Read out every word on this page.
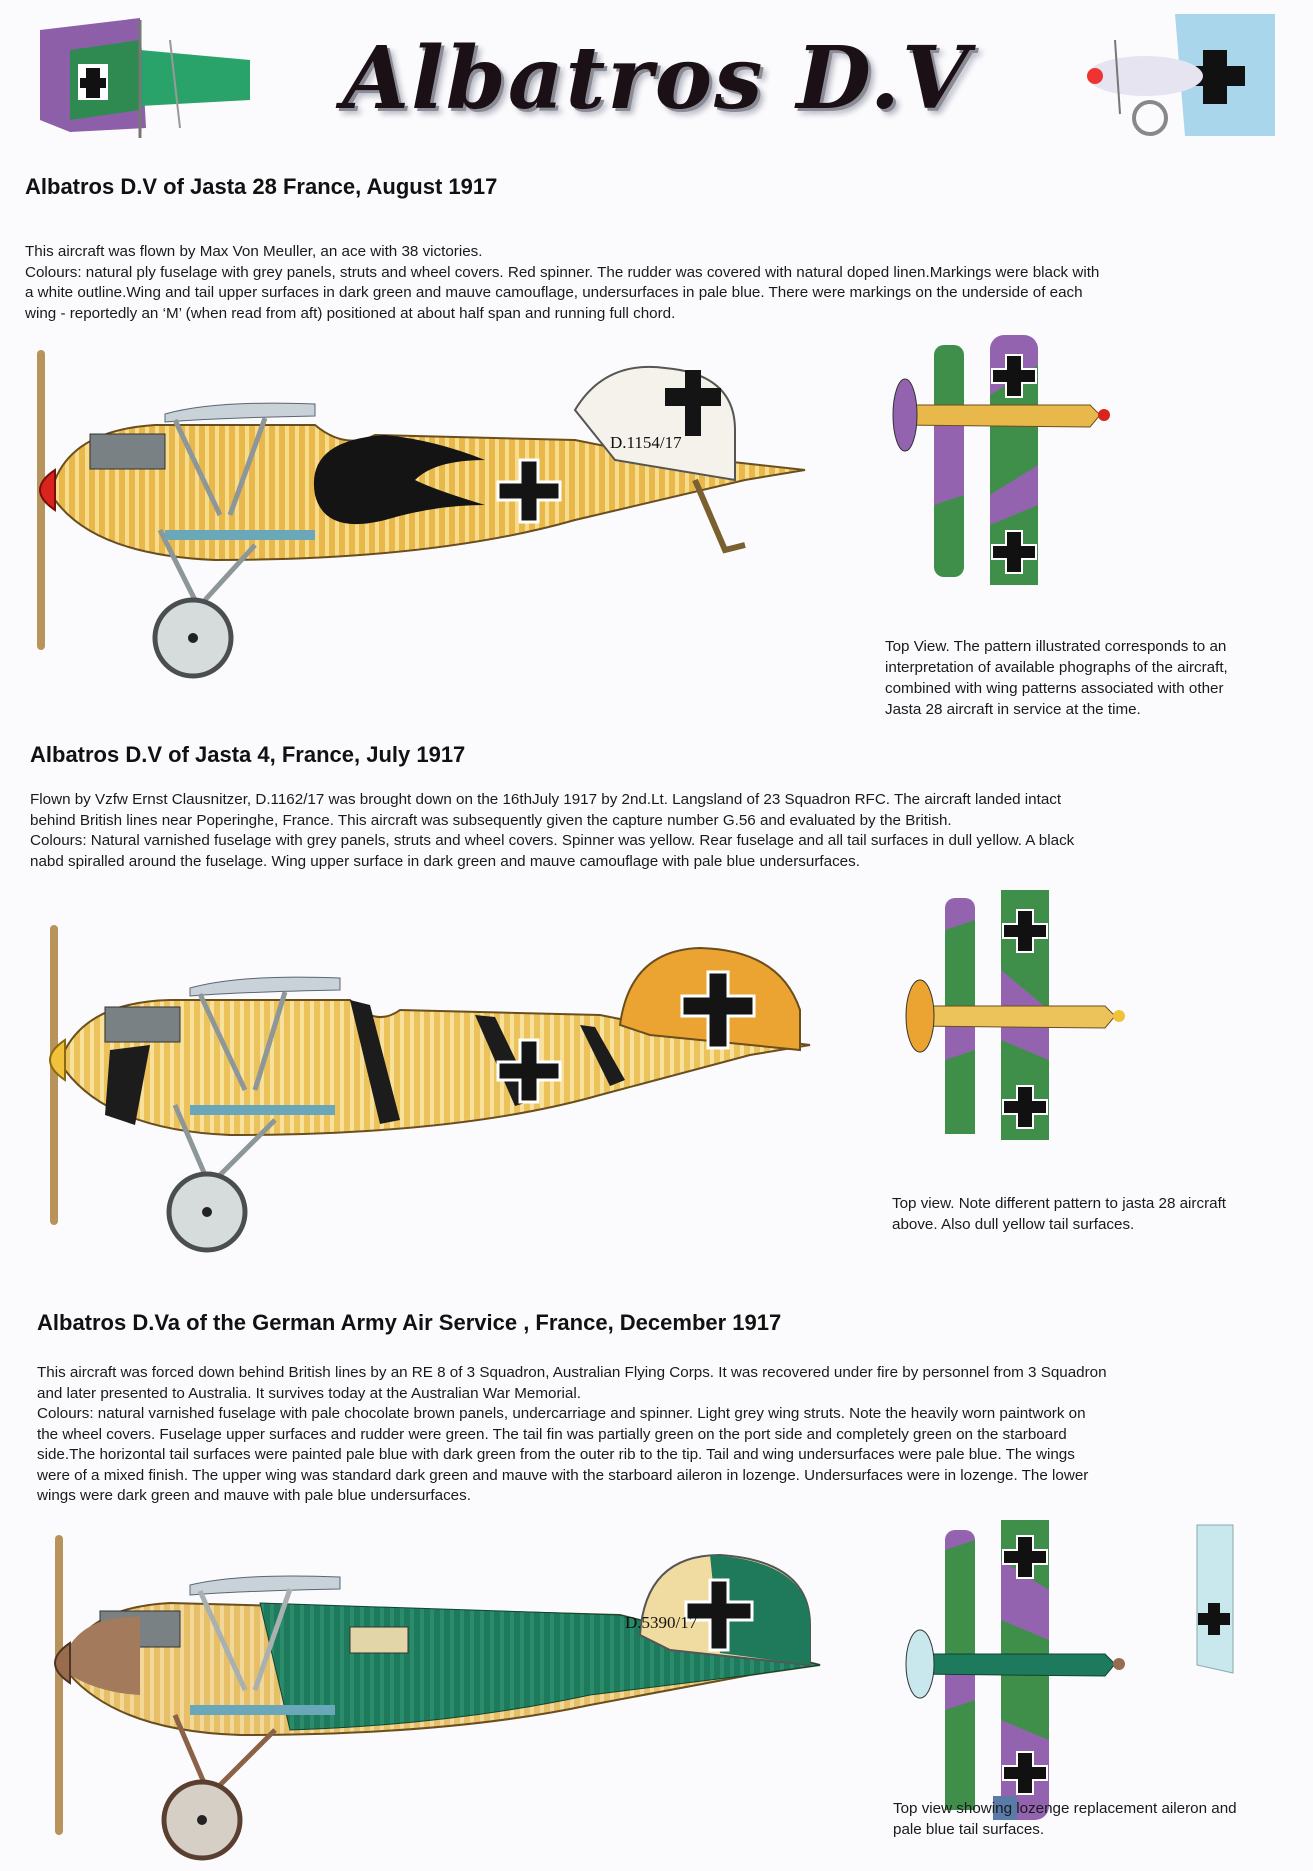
Albatros D.V
Albatros D.V of Jasta 28 France, August 1917

This aircraft was flown by Max Von Meuller, an ace with 38 victories.

Colours: natural ply fuselage with grey panels, struts and wheel covers. Red spinner. The rudder was covered with natural doped linen.Markings were black with

a white outline.Wing and tail upper surfaces in dark green and mauve camouflage, undersurfaces in pale blue. There were markings on the underside of each

wing - reportedly an ‘M’ (when read from aft) positioned at about half span and running full chord.

D.1154/17

Top View. The pattern illustrated corresponds to an

interpretation of available phographs of the aircraft,

combined with wing patterns associated with other

Jasta 28 aircraft in service at the time.

Albatros D.V of Jasta 4, France, July 1917

Flown by Vzfw Ernst Clausnitzer, D.1162/17 was brought down on the 16thJuly 1917 by 2nd.Lt. Langsland of 23 Squadron RFC. The aircraft landed intact

behind British lines near Poperinghe, France. This aircraft was subsequently given the capture number G.56 and evaluated by the British.

Colours: Natural varnished fuselage with grey panels, struts and wheel covers. Spinner was yellow. Rear fuselage and all tail surfaces in dull yellow. A black

nabd spiralled around the fuselage. Wing upper surface in dark green and mauve camouflage with pale blue undersurfaces.

Top view. Note different pattern to jasta 28 aircraft

above. Also dull yellow tail surfaces.

Albatros D.Va of the German Army Air Service , France, December 1917

This aircraft was forced down behind British lines by an RE 8 of 3 Squadron, Australian Flying Corps. It was recovered under fire by personnel from 3 Squadron

and later presented to Australia. It survives today at the Australian War Memorial.

Colours: natural varnished fuselage with pale chocolate brown panels, undercarriage and spinner. Light grey wing struts. Note the heavily worn paintwork on

the wheel covers. Fuselage upper surfaces and rudder were green. The tail fin was partially green on the port side and completely green on the starboard

side.The horizontal tail surfaces were painted pale blue with dark green from the outer rib to the tip. Tail and wing undersurfaces were pale blue. The wings

were of a mixed finish. The upper wing was standard dark green and mauve with the starboard aileron in lozenge. Undersurfaces were in lozenge. The lower

wings were dark green and mauve with pale blue undersurfaces.

D.5390/17

Top view showing lozenge replacement aileron and

pale blue tail surfaces.
